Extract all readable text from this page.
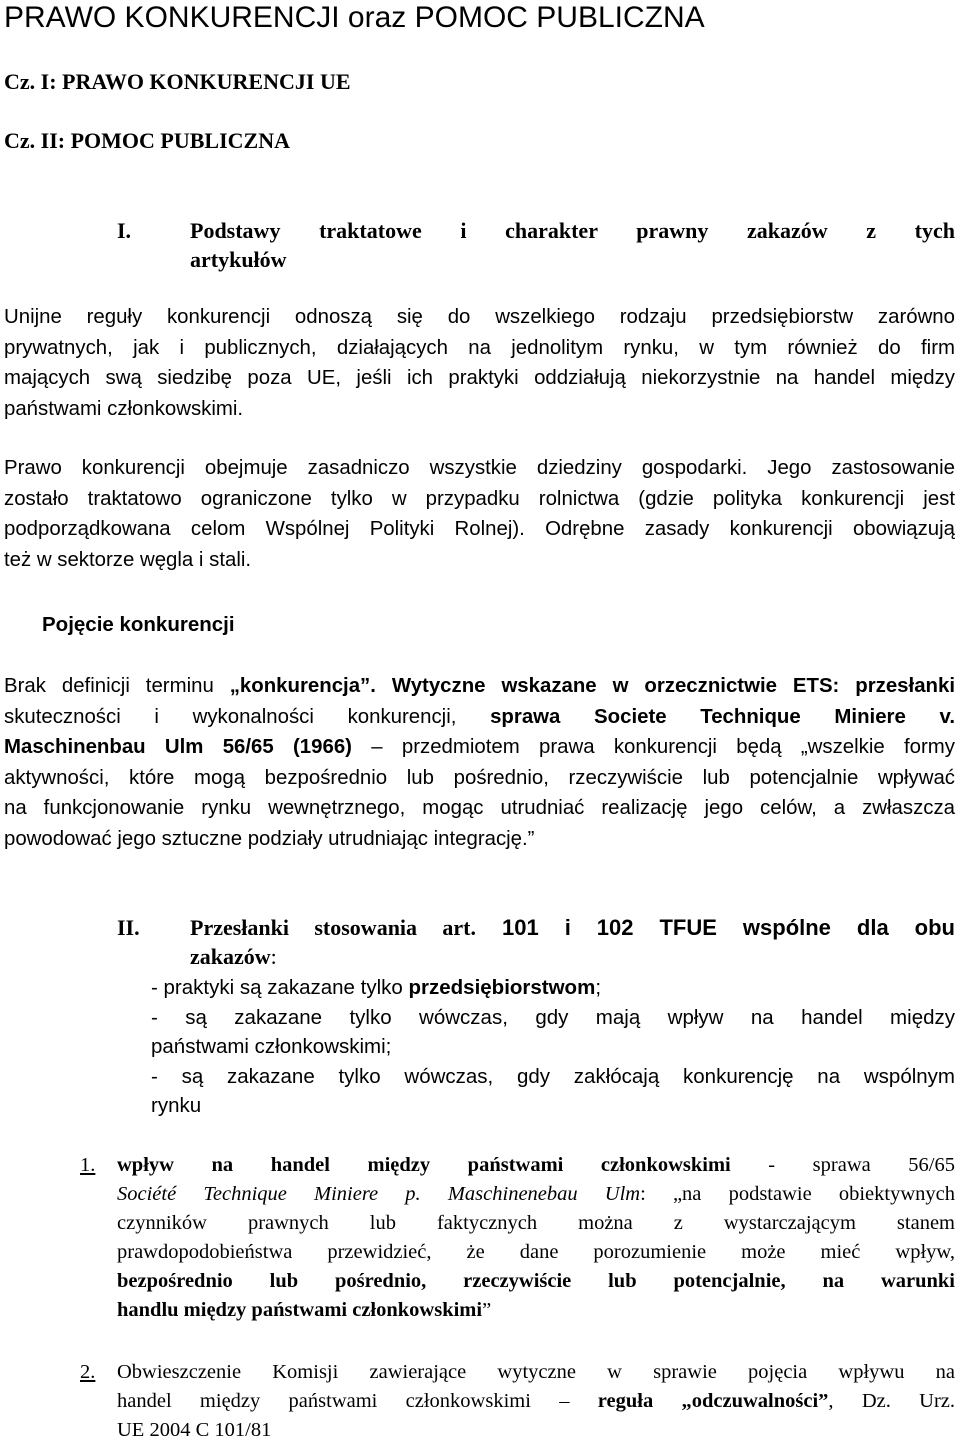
PRAWO KONKURENCJI oraz POMOC PUBLICZNA
Cz. I: PRAWO KONKURENCJI UE
Cz. II: POMOC PUBLICZNA
I.	Podstawy traktatowe i charakter prawny zakazów z tych
artykułów
Unijne reguły konkurencji odnoszą się do wszelkiego rodzaju przedsiębiorstw zarówno
prywatnych, jak i publicznych, działających na jednolitym rynku, w tym również do firm
mających swą siedzibę poza UE, jeśli ich praktyki oddziałują niekorzystnie na handel między
państwami członkowskimi.
Prawo konkurencji obejmuje zasadniczo wszystkie dziedziny gospodarki. Jego zastosowanie
zostało traktatowo ograniczone tylko w przypadku rolnictwa (gdzie polityka konkurencji jest
podporządkowana celom Wspólnej Polityki Rolnej). Odrębne zasady konkurencji obowiązują
też w sektorze węgla i stali.
Pojęcie konkurencji
Brak definicji terminu „konkurencja”. Wytyczne wskazane w orzecznictwie ETS: przesłanki
skuteczności i wykonalności konkurencji, sprawa Societe Technique Miniere v.
Maschinenbau Ulm 56/65 (1966) – przedmiotem prawa konkurencji będą „wszelkie formy
aktywności, które mogą bezpośrednio lub pośrednio, rzeczywiście lub potencjalnie wpływać
na funkcjonowanie rynku wewnętrznego, mogąc utrudniać realizację jego celów, a zwłaszcza
powodować jego sztuczne podziały utrudniając integrację.”
II. Przesłanki stosowania art. 101 i 102 TFUE wspólne dla obu
zakazów:
- praktyki są zakazane tylko przedsiębiorstwom;
- są zakazane tylko wówczas, gdy mają wpływ na handel między
państwami członkowskimi;
- są zakazane tylko wówczas, gdy zakłócają konkurencję na wspólnym
rynku
1. wpływ na handel między państwami członkowskimi - sprawa 56/65
Société Technique Miniere p. Maschinenebau Ulm: „na podstawie obiektywnych
czynników prawnych lub faktycznych można z wystarczającym stanem
prawdopodobieństwa przewidzieć, że dane porozumienie może mieć wpływ,
bezpośrednio lub pośrednio, rzeczywiście lub potencjalnie, na warunki
handlu między państwami członkowskimi”
2. Obwieszczenie Komisji zawierające wytyczne w sprawie pojęcia wpływu na
handel między państwami członkowskimi – reguła „odczuwalności”, Dz. Urz.
UE 2004 C 101/81
